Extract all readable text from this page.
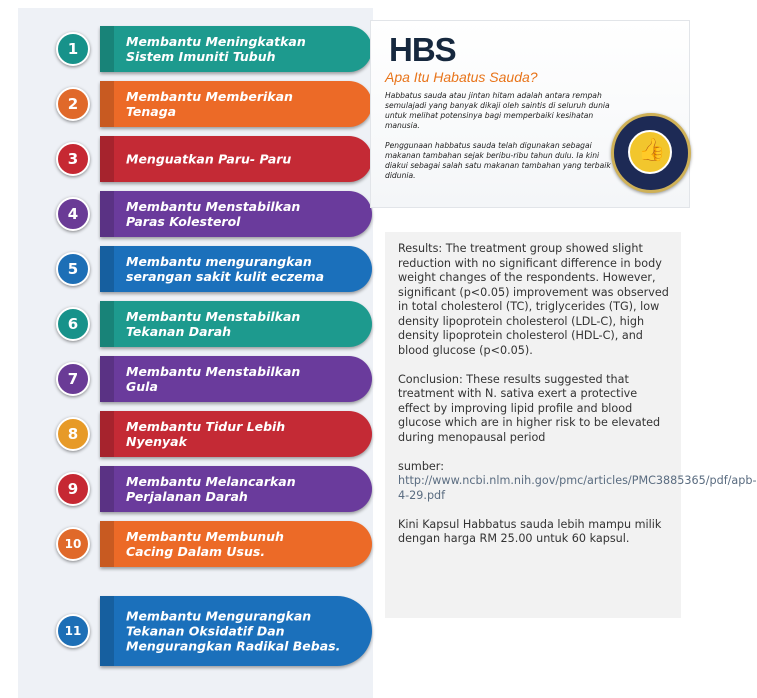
Membantu Meningkatkan
Sistem Imuniti Tubuh
1
Membantu Memberikan
Tenaga
2
Menguatkan Paru- Paru
3
Membantu Menstabilkan
Paras Kolesterol
4
Membantu mengurangkan
serangan sakit kulit eczema
5
Membantu Menstabilkan
Tekanan Darah
6
Membantu Menstabilkan
Gula
7
Membantu Tidur Lebih
Nyenyak
8
Membantu Melancarkan
Perjalanan Darah
9
Membantu Membunuh
Cacing Dalam Usus.
10
Membantu Mengurangkan
Tekanan Oksidatif Dan
Mengurangkan Radikal Bebas.
11
HBS
Apa Itu Habatus Sauda?
Habbatus sauda atau jintan hitam adalah antara rempah semulajadi yang banyak dikaji oleh saintis di seluruh dunia untuk melihat potensinya bagi memperbaiki kesihatan manusia.
Penggunaan habbatus sauda telah digunakan sebagai makanan tambahan sejak beribu-ribu tahun dulu. Ia kini diakui sebagai salah satu makanan tambahan yang terbaik didunia.
👍
Results: The treatment group showed slight reduction with no significant difference in body weight changes of the respondents. However, significant (p<0.05) improvement was observed in total cholesterol (TC), triglycerides (TG), low density lipoprotein cholesterol (LDL-C), high density lipoprotein cholesterol (HDL-C), and blood glucose (p<0.05).

Conclusion: These results suggested that treatment with N. sativa exert a protective effect by improving lipid profile and blood glucose which are in higher risk to be elevated during menopausal period

sumber: http://www.ncbi.nlm.nih.gov/pmc/articles/PMC3885365/pdf/apb-4-29.pdf

Kini Kapsul Habbatus sauda lebih mampu milik dengan harga RM 25.00 untuk 60 kapsul.
